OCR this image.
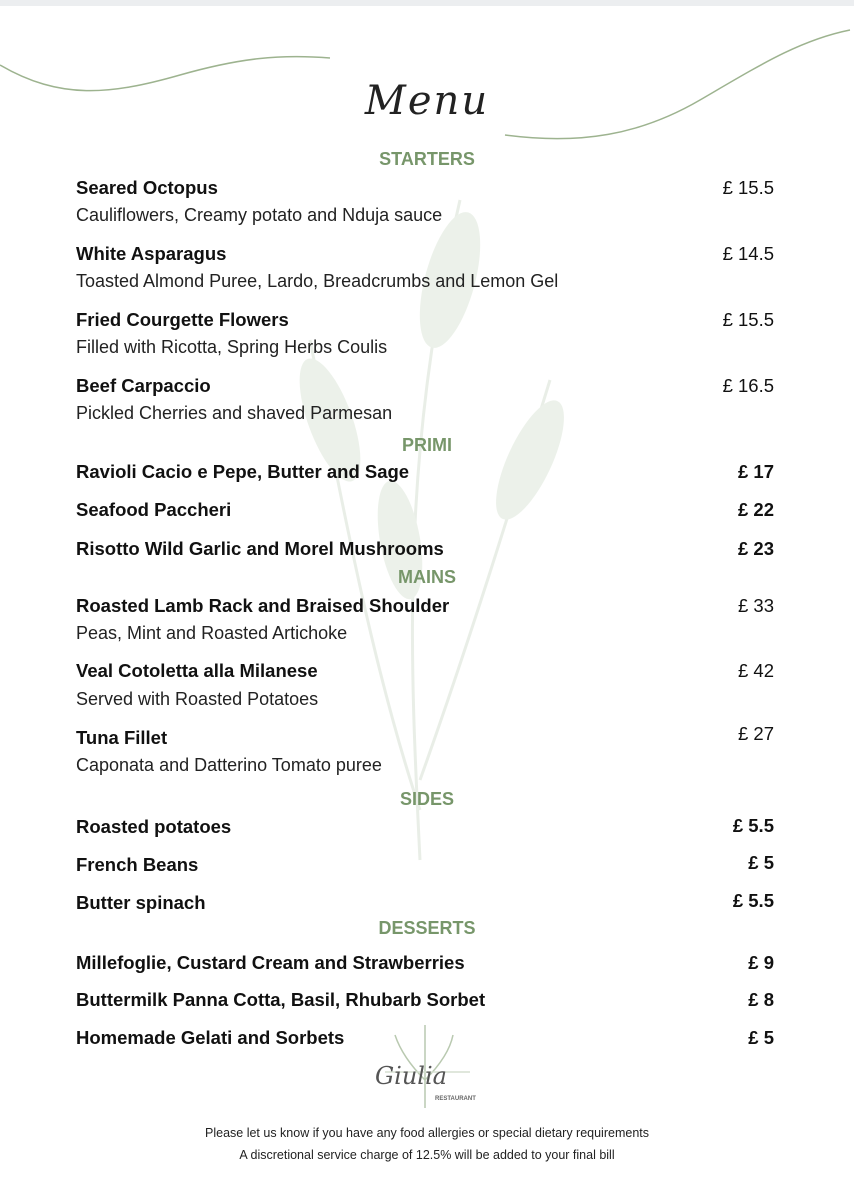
Menu
STARTERS
Seared Octopus
Cauliflowers, Creamy potato and Nduja sauce
£ 15.5
White Asparagus
Toasted Almond Puree, Lardo, Breadcrumbs and Lemon Gel
£ 14.5
Fried Courgette Flowers
Filled with Ricotta, Spring Herbs Coulis
£ 15.5
Beef Carpaccio
Pickled Cherries and shaved Parmesan
£ 16.5
PRIMI
Ravioli Cacio e Pepe, Butter and Sage	£ 17
Seafood Paccheri	£ 22
Risotto Wild Garlic and Morel Mushrooms	£ 23
MAINS
Roasted Lamb Rack and Braised Shoulder
Peas, Mint and Roasted Artichoke
£ 33
Veal Cotoletta alla Milanese
Served with Roasted Potatoes
£ 42
Tuna Fillet
Caponata and Datterino Tomato puree
£ 27
SIDES
Roasted potatoes	£ 5.5
French Beans	£ 5
Butter spinach	£ 5.5
DESSERTS
Millefoglie, Custard Cream and Strawberries	£ 9
Buttermilk Panna Cotta, Basil, Rhubarb Sorbet	£ 8
Homemade Gelati and Sorbets	£ 5
Giulia
RESTAURANT
Please let us know if you have any food allergies or special dietary requirements
A discretional service charge of 12.5% will be added to your final bill
